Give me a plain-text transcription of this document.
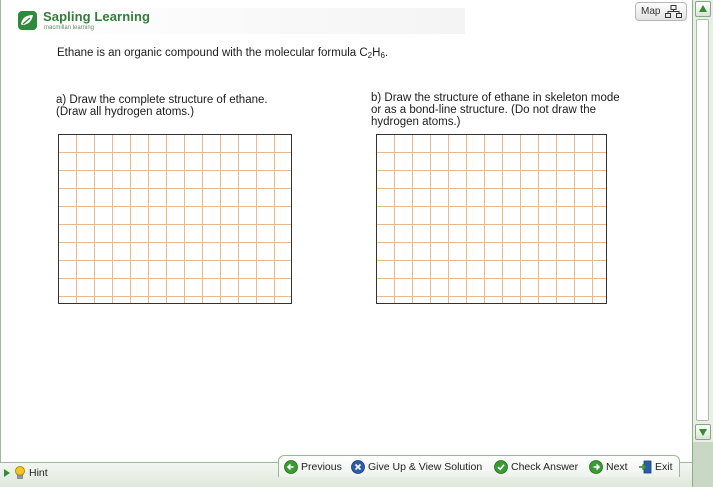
Sapling Learning
macmillan learning
Map
Ethane is an organic compound with the molecular formula $C_2H_6$.
a) Draw the complete structure of ethane.
(Draw all hydrogen atoms.)
b) Draw the structure of ethane in skeleton mode
or as a bond-line structure. (Do not draw the
hydrogen atoms.)
Hint	Previous Give Up & View Solution	Check Answer	Next	Exit
